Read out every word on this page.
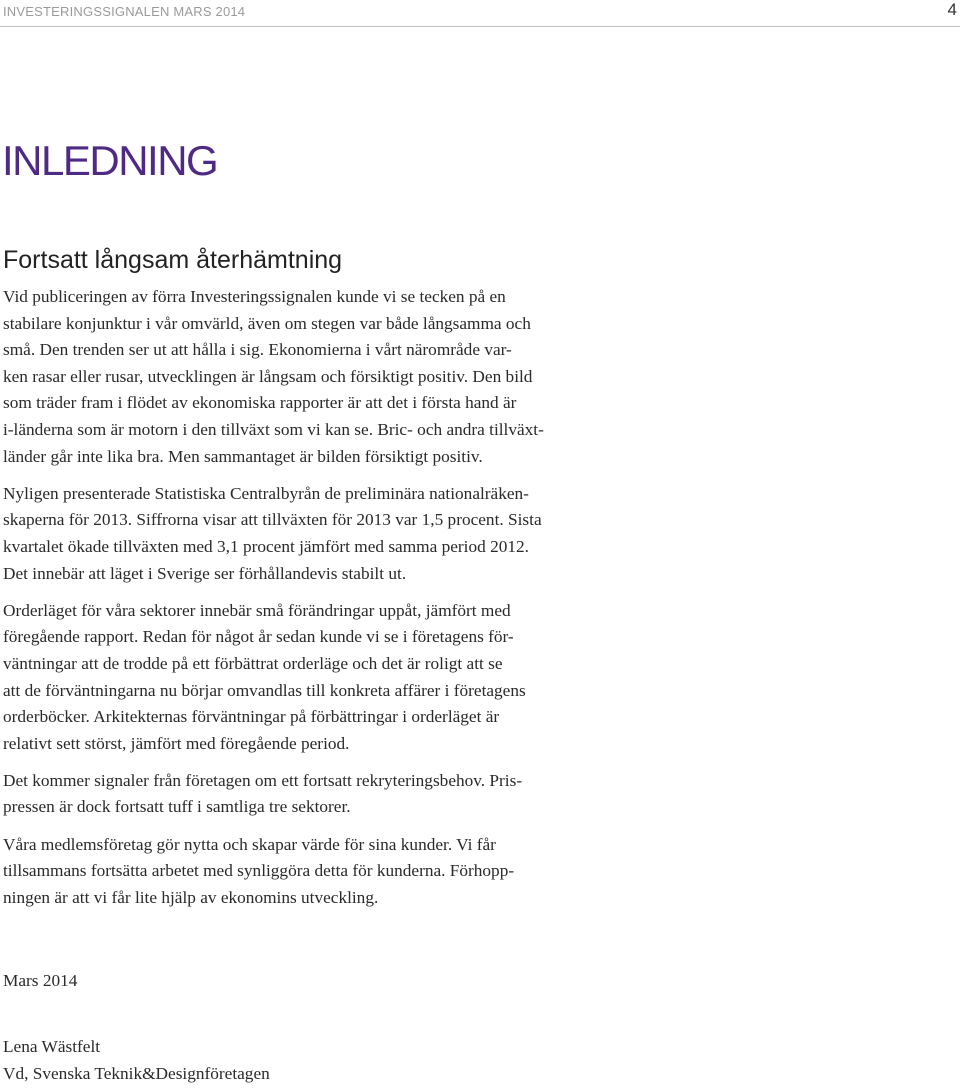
INVESTERINGSSIGNALEN MARS 2014	4
INLEDNING
Fortsatt långsam återhämtning

Vid publiceringen av förra Investeringssignalen kunde vi se tecken på en
stabilare konjunktur i vår omvärld, även om stegen var både långsamma och
små. Den trenden ser ut att hålla i sig. Ekonomierna i vårt närområde var-
ken rasar eller rusar, utvecklingen är långsam och försiktigt positiv. Den bild
som träder fram i flödet av ekonomiska rapporter är att det i första hand är
i-länderna som är motorn i den tillväxt som vi kan se. Bric- och andra tillväxt-
länder går inte lika bra. Men sammantaget är bilden försiktigt positiv.

Nyligen presenterade Statistiska Centralbyrån de preliminära nationalräken-
skaperna för 2013. Siffrorna visar att tillväxten för 2013 var 1,5 procent. Sista
kvartalet ökade tillväxten med 3,1 procent jämfört med samma period 2012.
Det innebär att läget i Sverige ser förhållandevis stabilt ut.

Orderläget för våra sektorer innebär små förändringar uppåt, jämfört med
föregående rapport. Redan för något år sedan kunde vi se i företagens för-
väntningar att de trodde på ett förbättrat orderläge och det är roligt att se
att de förväntningarna nu börjar omvandlas till konkreta affärer i företagens
orderböcker. Arkitekternas förväntningar på förbättringar i orderläget är
relativt sett störst, jämfört med föregående period.

Det kommer signaler från företagen om ett fortsatt rekryteringsbehov. Pris-
pressen är dock fortsatt tuff i samtliga tre sektorer.

Våra medlemsföretag gör nytta och skapar värde för sina kunder. Vi får
tillsammans fortsätta arbetet med synliggöra detta för kunderna. Förhopp-
ningen är att vi får lite hjälp av ekonomins utveckling.

Mars 2014
Lena Wästfelt
Vd, Svenska Teknik&Designföretagen
